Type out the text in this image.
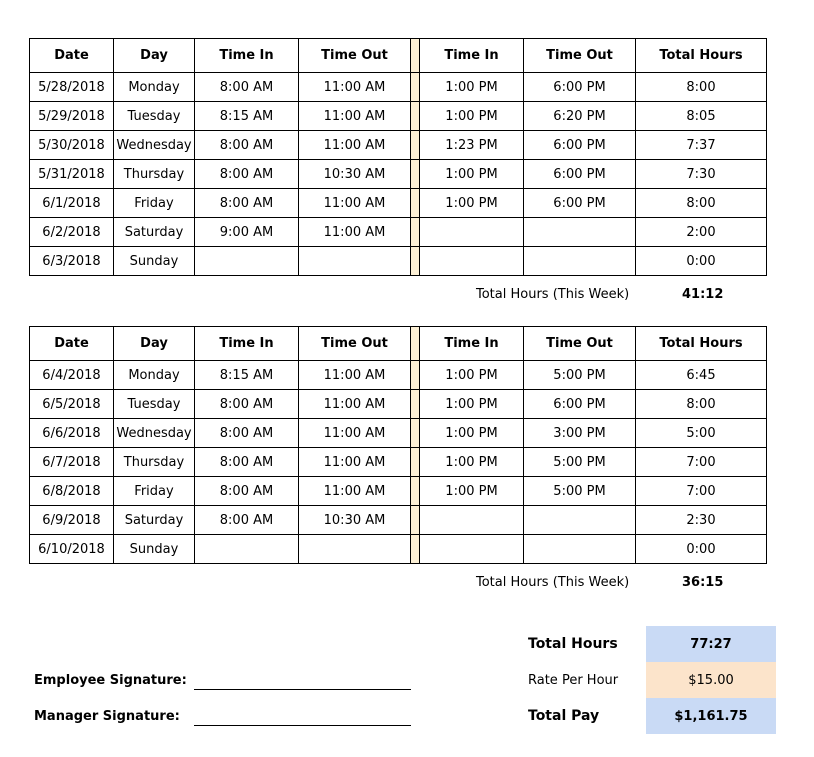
Date	Day	Time In	Time Out		Time In	Time Out	Total Hours
5/28/2018	Monday	8:00 AM	11:00 AM		1:00 PM	6:00 PM	8:00
5/29/2018	Tuesday	8:15 AM	11:00 AM		1:00 PM	6:20 PM	8:05
5/30/2018	Wednesday	8:00 AM	11:00 AM		1:23 PM	6:00 PM	7:37
5/31/2018	Thursday	8:00 AM	10:30 AM		1:00 PM	6:00 PM	7:30
6/1/2018	Friday	8:00 AM	11:00 AM		1:00 PM	6:00 PM	8:00
6/2/2018	Saturday	9:00 AM	11:00 AM				2:00
6/3/2018	Sunday						0:00
Total Hours (This Week)	41:12
Date	Day	Time In	Time Out		Time In	Time Out	Total Hours
6/4/2018	Monday	8:15 AM	11:00 AM		1:00 PM	5:00 PM	6:45
6/5/2018	Tuesday	8:00 AM	11:00 AM		1:00 PM	6:00 PM	8:00
6/6/2018	Wednesday	8:00 AM	11:00 AM		1:00 PM	3:00 PM	5:00
6/7/2018	Thursday	8:00 AM	11:00 AM		1:00 PM	5:00 PM	7:00
6/8/2018	Friday	8:00 AM	11:00 AM		1:00 PM	5:00 PM	7:00
6/9/2018	Saturday	8:00 AM	10:30 AM				2:30
6/10/2018	Sunday						0:00
Total Hours (This Week)	36:15
Total Hours	77:27
Rate Per Hour	$15.00
Total Pay	$1,161.75
Employee Signature:
Manager Signature:
